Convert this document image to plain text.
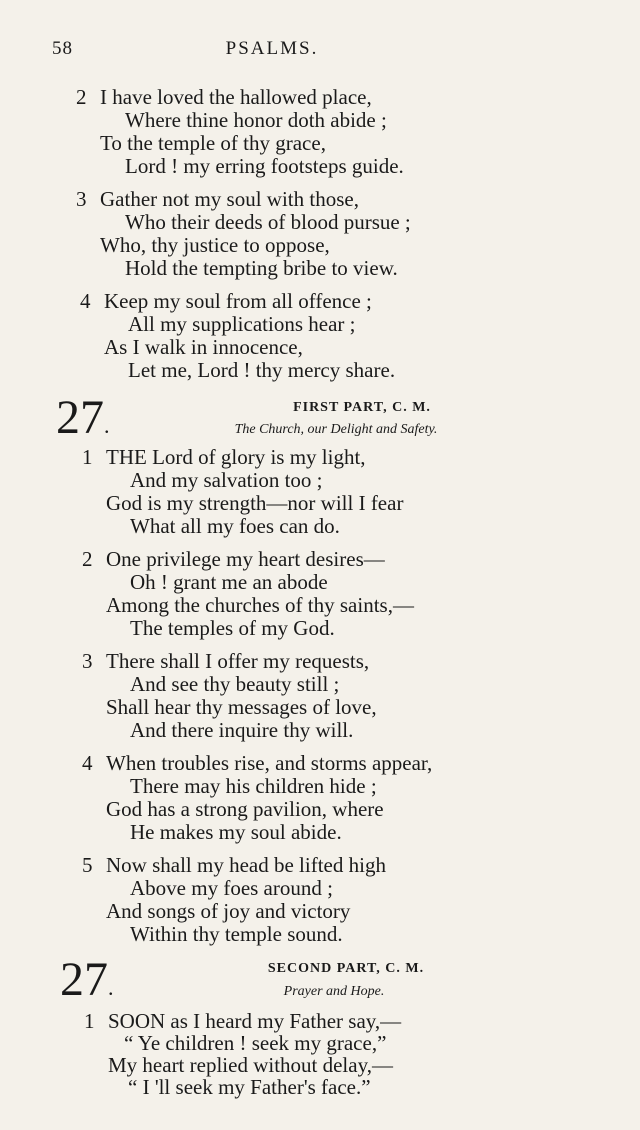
58	PSALMS.
2 I have loved the hallowed place,
Where thine honor doth abide ;
To the temple of thy grace,
Lord ! my erring footsteps guide.
3 Gather not my soul with those,
Who their deeds of blood pursue ;
Who, thy justice to oppose,
Hold the tempting bribe to view.
4 Keep my soul from all offence ;
All my supplications hear ;
As I walk in innocence,
Let me, Lord ! thy mercy share.
27.
FIRST PART, C. M.
The Church, our Delight and Safety.
1 THE Lord of glory is my light,
And my salvation too ;
God is my strength—nor will I fear
What all my foes can do.
2 One privilege my heart desires—
Oh ! grant me an abode
Among the churches of thy saints,—
The temples of my God.
3 There shall I offer my requests,
And see thy beauty still ;
Shall hear thy messages of love,
And there inquire thy will.
4 When troubles rise, and storms appear,
There may his children hide ;
God has a strong pavilion, where
He makes my soul abide.
5 Now shall my head be lifted high
Above my foes around ;
And songs of joy and victory
Within thy temple sound.
27.
SECOND PART, C. M.
Prayer and Hope.
1 SOON as I heard my Father say,—
“ Ye children ! seek my grace,”
My heart replied without delay,—
“ I 'll seek my Father's face.”
